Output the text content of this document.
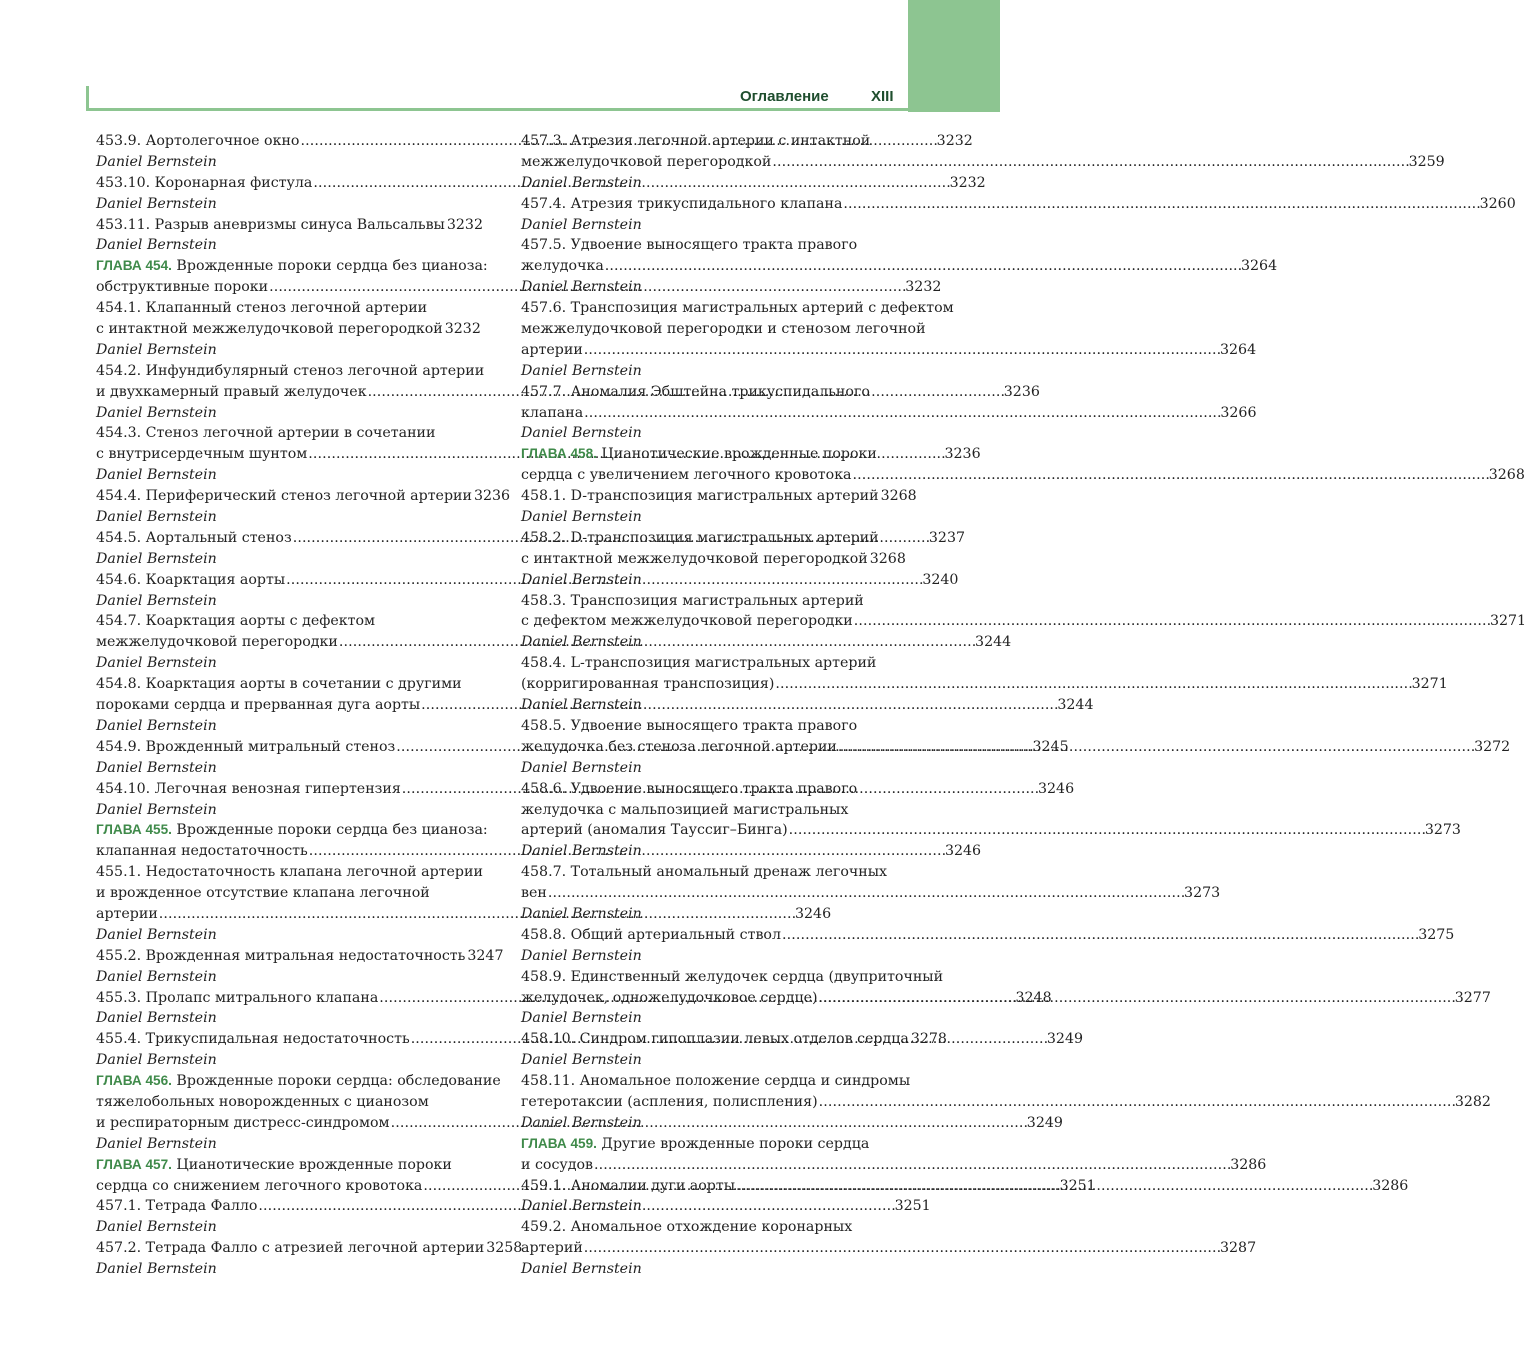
Оглавление	XIII
453.9. Аортолегочное окно . . .	3232
Daniel Bernstein
453.10. Коронарная фистула . . .	3232
Daniel Bernstein
453.11. Разрыв аневризмы синуса Вальсальвы 3232
Daniel Bernstein
ГЛАВА 454. Врожденные пороки сердца без цианоза:
обструктивные пороки . . .	3232
454.1. Клапанный стеноз легочной артерии
с интактной межжелудочковой перегородкой 3232
Daniel Bernstein
454.2. Инфундибулярный стеноз легочной артерии
и двухкамерный правый желудочек . . .	3236
Daniel Bernstein
454.3. Стеноз легочной артерии в сочетании
с внутрисердечным шунтом . . .	3236
Daniel Bernstein
454.4. Периферический стеноз легочной артерии 3236
Daniel Bernstein
454.5. Аортальный стеноз . . .	3237
Daniel Bernstein
454.6. Коарктация аорты . . .	3240
Daniel Bernstein
454.7. Коарктация аорты с дефектом
межжелудочковой перегородки . . .	3244
Daniel Bernstein
454.8. Коарктация аорты в сочетании с другими
пороками сердца и прерванная дуга аорты . . .	3244
Daniel Bernstein
454.9. Врожденный митральный стеноз . . .	3245
Daniel Bernstein
454.10. Легочная венозная гипертензия . . .	3246
Daniel Bernstein
ГЛАВА 455. Врожденные пороки сердца без цианоза:
клапанная недостаточность . . .	3246
455.1. Недостаточность клапана легочной артерии
и врожденное отсутствие клапана легочной
артерии . . .	3246
Daniel Bernstein
455.2. Врожденная митральная недостаточность 3247
Daniel Bernstein
455.3. Пролапс митрального клапана . . .	3248
Daniel Bernstein
455.4. Трикуспидальная недостаточность . . .	3249
Daniel Bernstein
ГЛАВА 456. Врожденные пороки сердца: обследование
тяжелобольных новорожденных с цианозом
и респираторным дистресс-синдромом . . .	3249
Daniel Bernstein
ГЛАВА 457. Цианотические врожденные пороки
сердца со снижением легочного кровотока . . .	3251
457.1. Тетрада Фалло . . .	3251
Daniel Bernstein
457.2. Тетрада Фалло с атрезией легочной артерии 3258
Daniel Bernstein
457.3. Атрезия легочной артерии с интактной
межжелудочковой перегородкой . . .	3259
Daniel Bernstein
457.4. Атрезия трикуспидального клапана . . .	3260
Daniel Bernstein
457.5. Удвоение выносящего тракта правого
желудочка . . .	3264
Daniel Bernstein
457.6. Транспозиция магистральных артерий с дефектом
межжелудочковой перегородки и стенозом легочной
артерии . . .	3264
Daniel Bernstein
457.7. Аномалия Эбштейна трикуспидального
клапана . . .	3266
Daniel Bernstein
ГЛАВА 458. Цианотические врожденные пороки
сердца с увеличением легочного кровотока . . .	3268
458.1. D-транспозиция магистральных артерий 3268
Daniel Bernstein
458.2. D-транспозиция магистральных артерий
с интактной межжелудочковой перегородкой 3268
Daniel Bernstein
458.3. Транспозиция магистральных артерий
с дефектом межжелудочковой перегородки . . .	3271
Daniel Bernstein
458.4. L-транспозиция магистральных артерий
(корригированная транспозиция) . . .	3271
Daniel Bernstein
458.5. Удвоение выносящего тракта правого
желудочка без стеноза легочной артерии . . .	3272
Daniel Bernstein
458.6. Удвоение выносящего тракта правого
желудочка с мальпозицией магистральных
артерий (аномалия Тауссиг–Бинга) . . .	3273
Daniel Bernstein
458.7. Тотальный аномальный дренаж легочных
вен . . .	3273
Daniel Bernstein
458.8. Общий артериальный ствол . . .	3275
Daniel Bernstein
458.9. Единственный желудочек сердца (двуприточный
желудочек, одножелудочковое сердце) . . .	3277
Daniel Bernstein
458.10. Синдром гипоплазии левых отделов сердца 3278
Daniel Bernstein
458.11. Аномальное положение сердца и синдромы
гетеротаксии (аспления, полиспления) . . .	3282
Daniel Bernstein
ГЛАВА 459. Другие врожденные пороки сердца
и сосудов . . .	3286
459.1. Аномалии дуги аорты . . .	3286
Daniel Bernstein
459.2. Аномальное отхождение коронарных
артерий . . .	3287
Daniel Bernstein
